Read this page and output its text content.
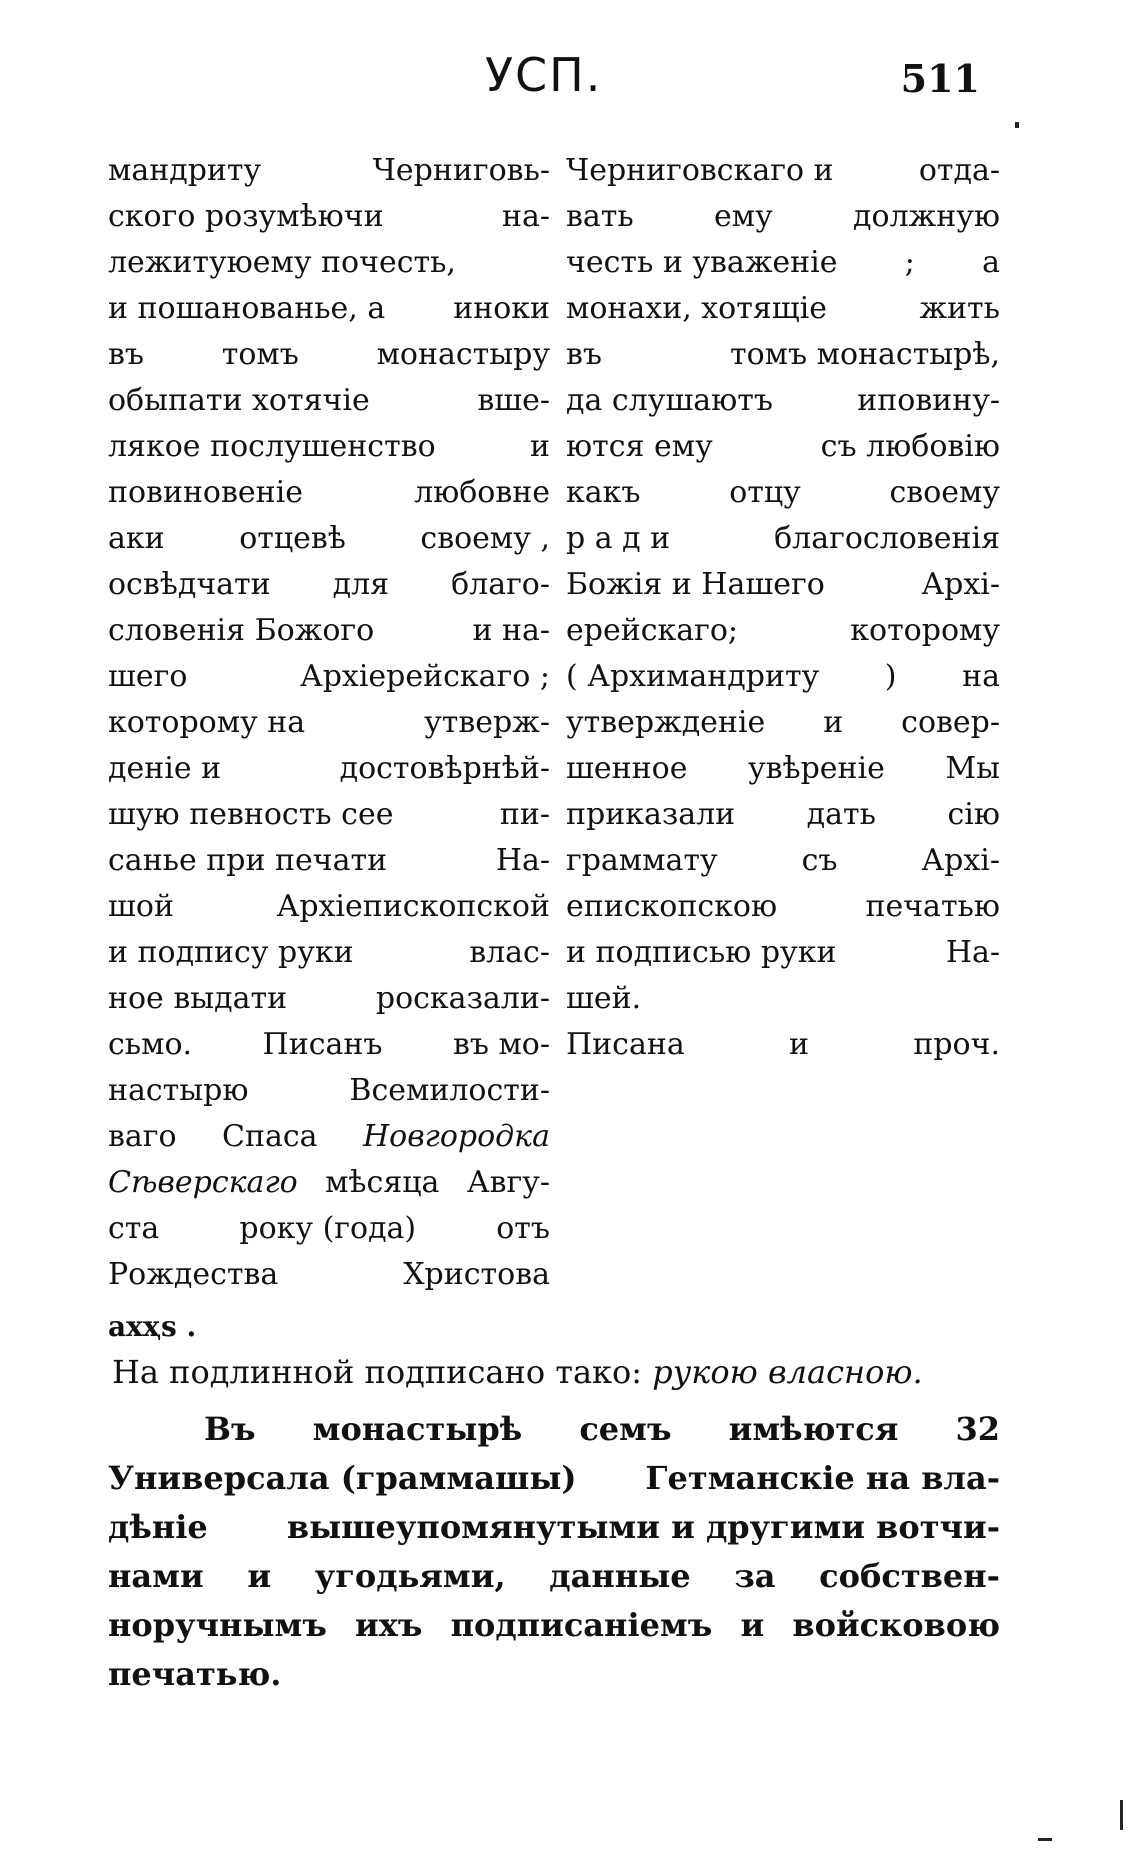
УСП.	511
мандриту	Черниговь-
ского розумѣючи	на-
лежитуюему почесть,
и пошанованье, а иноки
въ	томъ	монастыру
обыпати хотячіе	вше-
лякое послушенство	и
повиновеніе	любовне
аки отцевѣ своему ,
освѣдчати для благо-
словенія Божого	и на-
шего	Архіерейскаго ;
которому на	утверж-
деніе и	достовѣрнѣй-
шую певность сее	пи-
санье при печати	На-
шой	Архіепископской
и подпису руки	влас-
ное выдати	росказали-
сьмо. Писанъ въ мо-
настырю	Всемилости-
ваго Спаса Новгородка
Сѣверскаго мѣсяца Авгу-
ста	року (года)	отъ
Рождества	Христова
Черниговскаго и	отда-
вать	ему	должную
честь и уваженіе ; а
монахи, хотящіе	жить
въ	томъ монастырѣ,
да слушаютъ	иповину-
ются ему	съ любовію
какъ	отцу	своему
р а д и	благословенія
Божія и Нашего	Архі-
ерейскаго;	которому
( Архимандриту ) на
утвержденіе и совер-
шенное увѣреніе Мы
приказали дать сію
граммату	съ	Архі-
епископскою	печатью
и подписью руки	На-
шей.
Писана	и	проч.
ахҳѕ .
На подлинной подписано тако: рукою власною.
Въ монастырѣ семъ имѣются 32
Универсала (граммашы) Гетманскіе на вла-
дѣніе вышеупомянутыми и другими вотчи-
нами и угодьями, данные за собствен-
норучнымъ ихъ подписаніемъ и войсковою
печатью.
